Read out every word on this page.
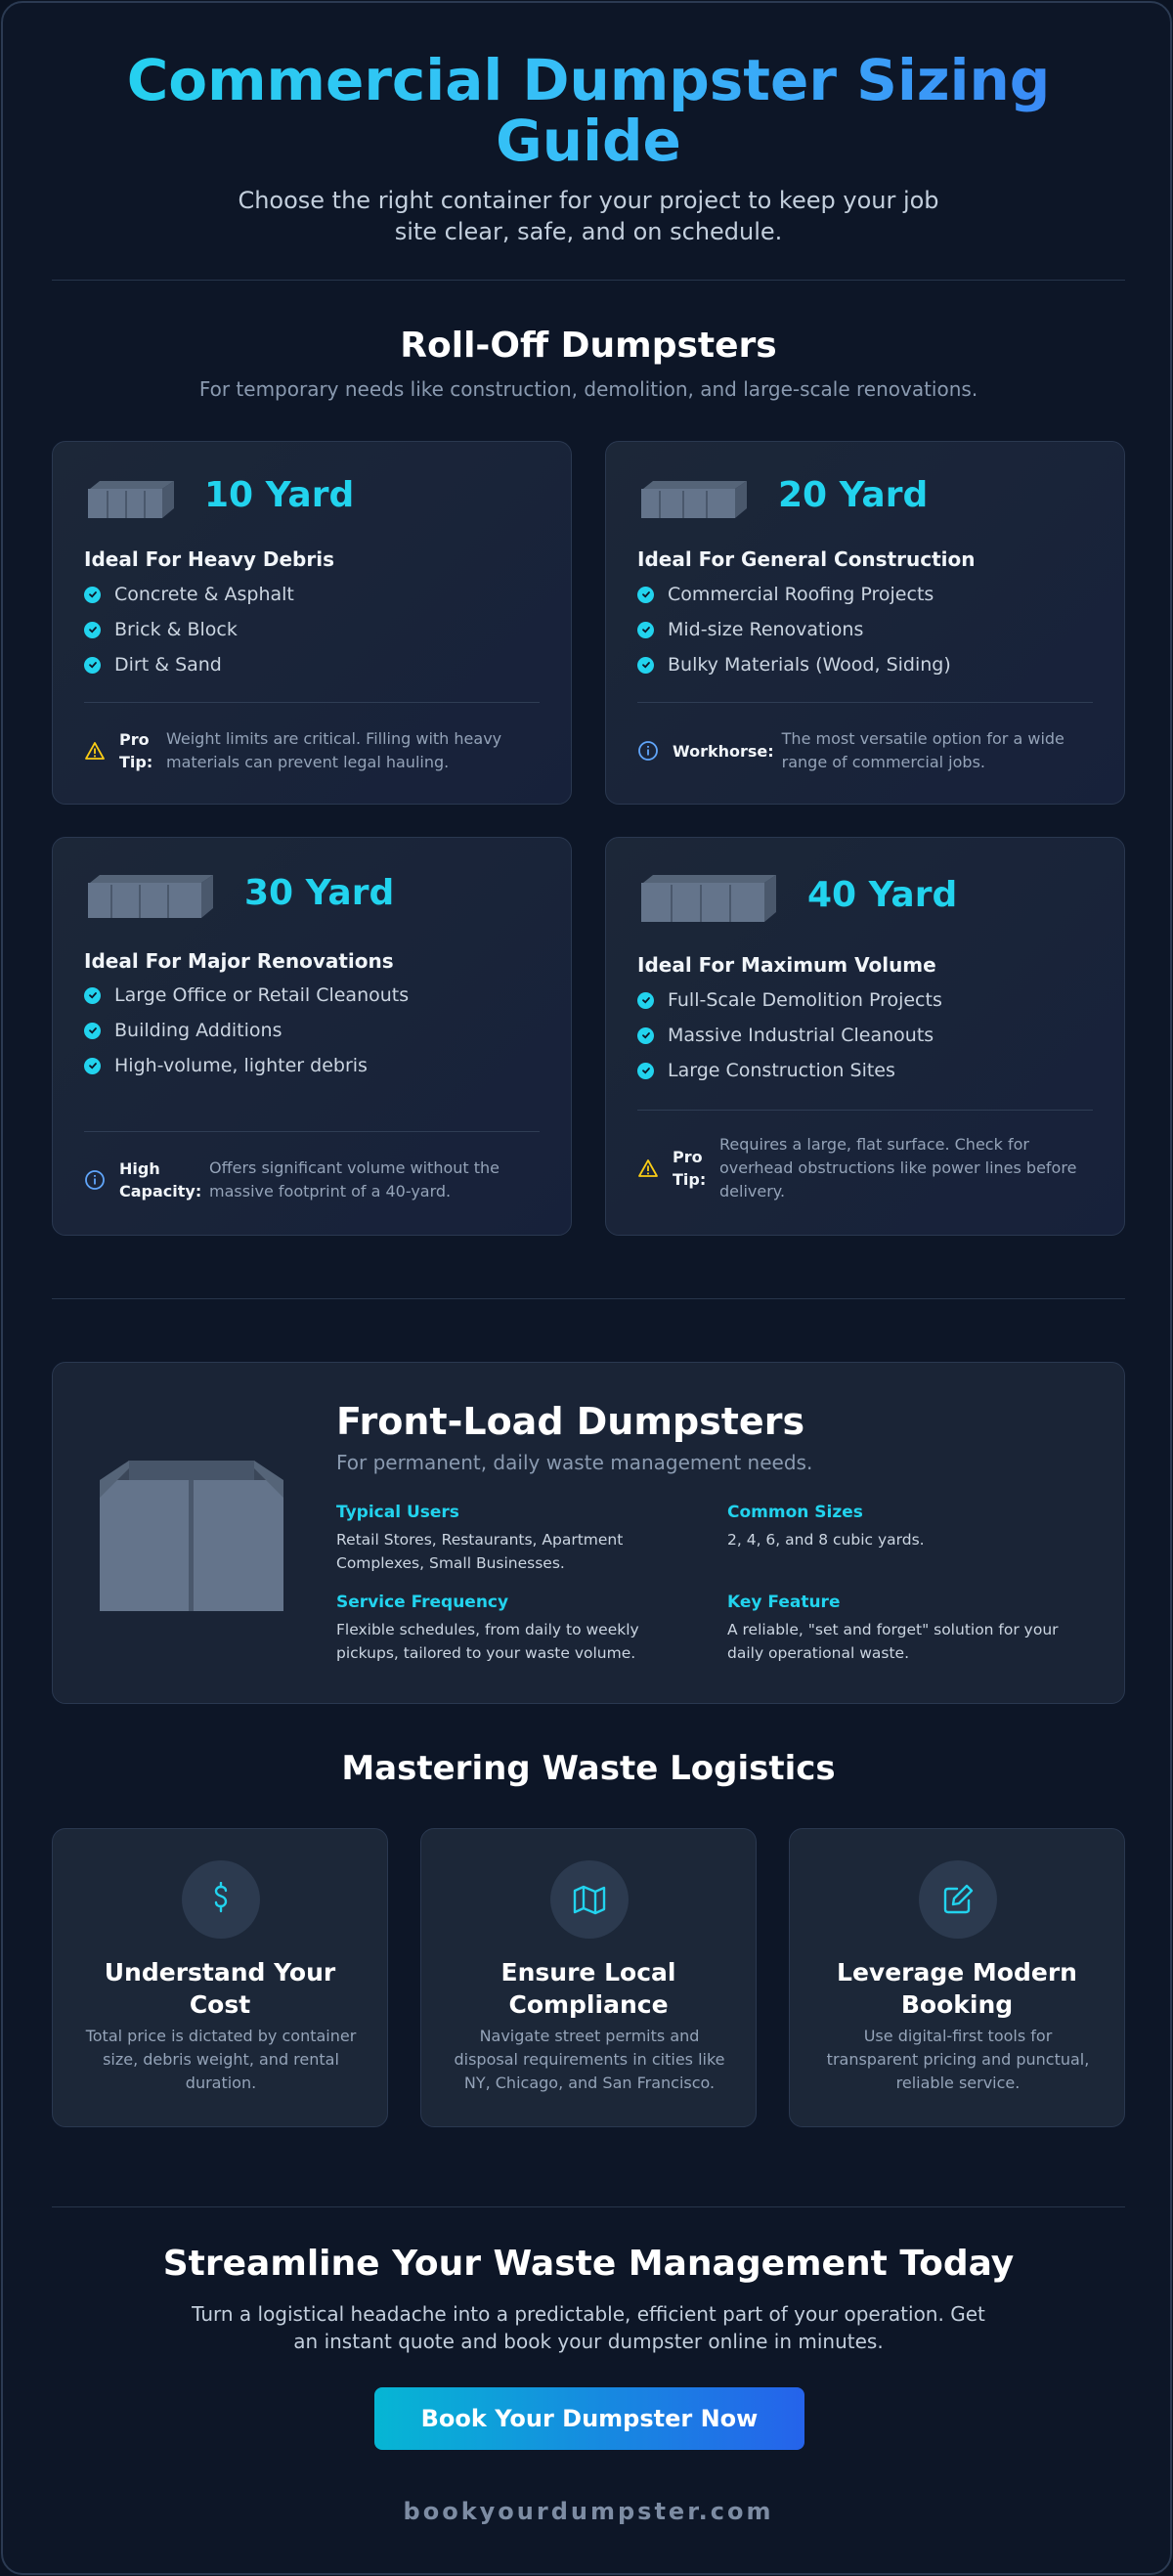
Commercial Dumpster Sizing Guide

Choose the right container for your project to keep your job site clear, safe, and on schedule.

Roll-Off Dumpsters

For temporary needs like construction, demolition, and large-scale renovations.

10 Yard
Ideal For Heavy Debris
Concrete & Asphalt
Brick & Block
Dirt & Sand
Pro Tip:
Weight limits are critical. Filling with heavy materials can prevent legal hauling.
20 Yard
Ideal For General Construction
Commercial Roofing Projects
Mid-size Renovations
Bulky Materials (Wood, Siding)
Workhorse:
The most versatile option for a wide range of commercial jobs.
30 Yard
Ideal For Major Renovations
Large Office or Retail Cleanouts
Building Additions
High-volume, lighter debris
High Capacity:
Offers significant volume without the massive footprint of a 40-yard.
40 Yard
Ideal For Maximum Volume
Full-Scale Demolition Projects
Massive Industrial Cleanouts
Large Construction Sites
Pro Tip:
Requires a large, flat surface. Check for overhead obstructions like power lines before delivery.
Front-Load Dumpsters
For permanent, daily waste management needs.
Typical Users
Retail Stores, Restaurants, Apartment Complexes, Small Businesses.
Common Sizes
2, 4, 6, and 8 cubic yards.
Service Frequency
Flexible schedules, from daily to weekly pickups, tailored to your waste volume.
Key Feature
A reliable, "set and forget" solution for your daily operational waste.
Mastering Waste Logistics
Understand Your Cost
Total price is dictated by container size, debris weight, and rental duration.
Ensure Local Compliance
Navigate street permits and disposal requirements in cities like NY, Chicago, and San Francisco.
Leverage Modern Booking
Use digital-first tools for transparent pricing and punctual, reliable service.
Streamline Your Waste Management Today

Turn a logistical headache into a predictable, efficient part of your operation. Get an instant quote and book your dumpster online in minutes.

Book Your Dumpster Now
bookyourdumpster.com
